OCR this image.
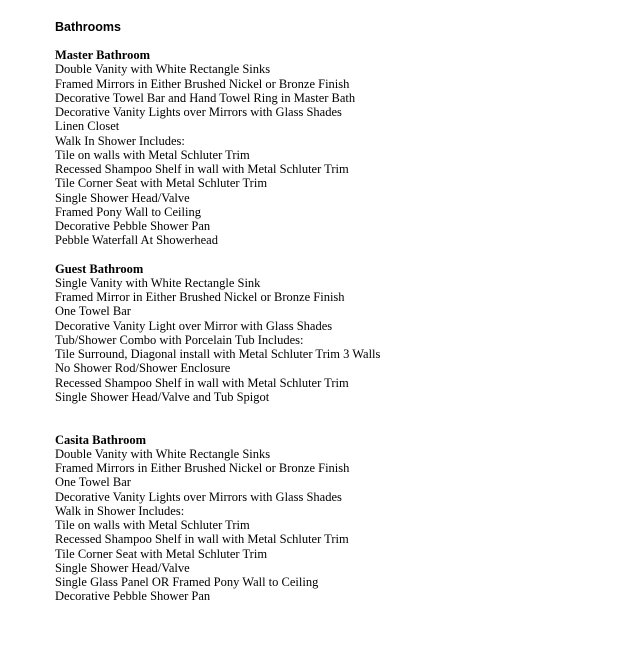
Bathrooms
Master Bathroom
Double Vanity with White Rectangle Sinks
Framed Mirrors in Either Brushed Nickel or Bronze Finish
Decorative Towel Bar and Hand Towel Ring in Master Bath
Decorative Vanity Lights over Mirrors with Glass Shades
Linen Closet
Walk In Shower Includes:
Tile on walls with Metal Schluter Trim
Recessed Shampoo Shelf in wall with Metal Schluter Trim
Tile Corner Seat with Metal Schluter Trim
Single Shower Head/Valve
Framed Pony Wall to Ceiling
Decorative Pebble Shower Pan
Pebble Waterfall At Showerhead
Guest Bathroom
Single Vanity with White Rectangle Sink
Framed Mirror in Either Brushed Nickel or Bronze Finish
One Towel Bar
Decorative Vanity Light over Mirror with Glass Shades
Tub/Shower Combo with Porcelain Tub Includes:
Tile Surround, Diagonal install with Metal Schluter Trim 3 Walls
No Shower Rod/Shower Enclosure
Recessed Shampoo Shelf in wall with Metal Schluter Trim
Single Shower Head/Valve and Tub Spigot
Casita Bathroom
Double Vanity with White Rectangle Sinks
Framed Mirrors in Either Brushed Nickel or Bronze Finish
One Towel Bar
Decorative Vanity Lights over Mirrors with Glass Shades
Walk in Shower Includes:
Tile on walls with Metal Schluter Trim
Recessed Shampoo Shelf in wall with Metal Schluter Trim
Tile Corner Seat with Metal Schluter Trim
Single Shower Head/Valve
Single Glass Panel OR Framed Pony Wall to Ceiling
Decorative Pebble Shower Pan
